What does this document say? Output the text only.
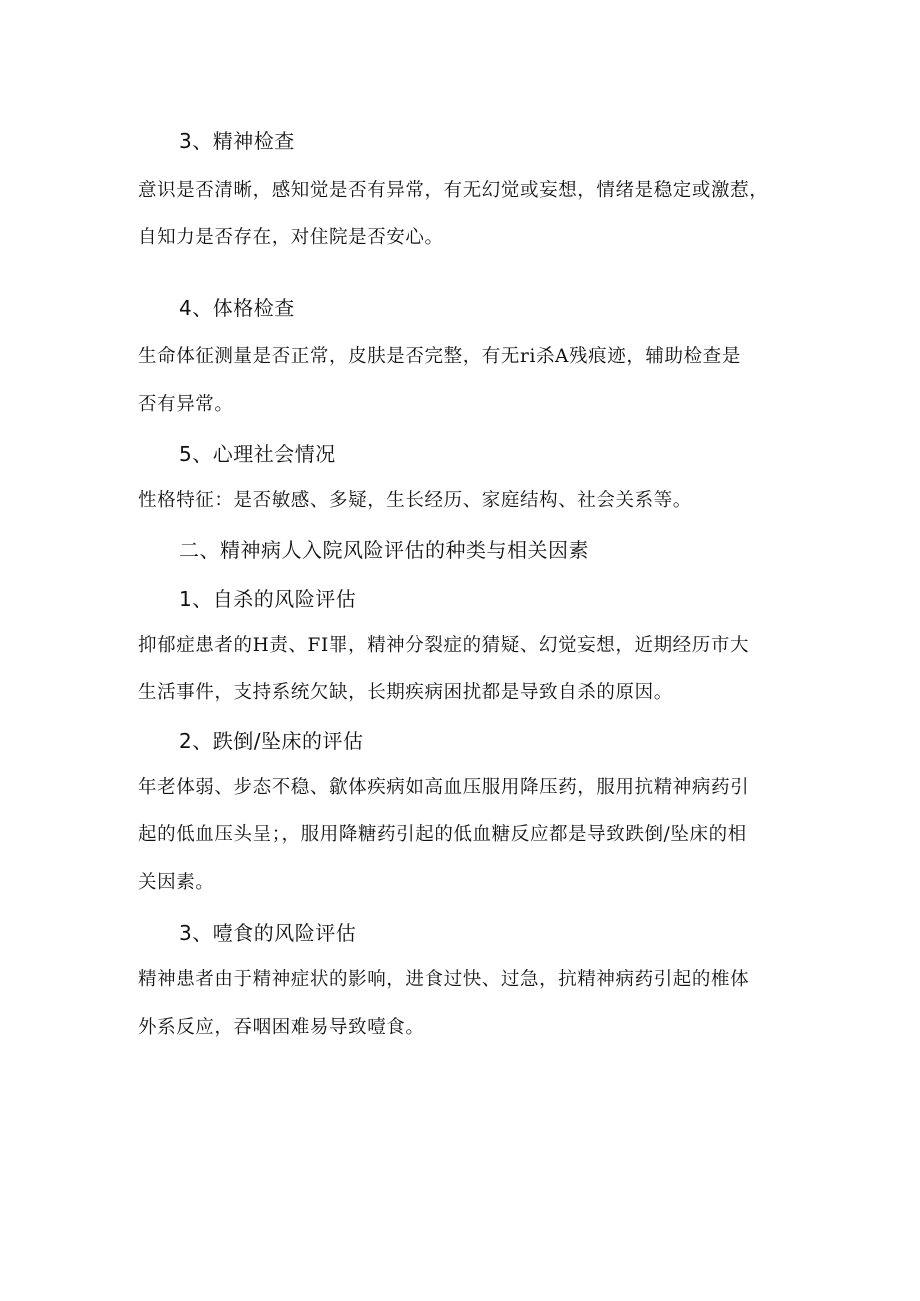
3、精神检查
意识是否清晰，感知觉是否有异常，有无幻觉或妄想，情绪是稳定或激惹，
自知力是否存在，对住院是否安心。
4、体格检查
生命体征测量是否正常，皮肤是否完整，有无ri杀A残痕迹，辅助检查是
否有异常。
5、心理社会情况
性格特征：是否敏感、多疑，生长经历、家庭结构、社会关系等。
二、精神病人入院风险评估的种类与相关因素
1、自杀的风险评估
抑郁症患者的H责、FI罪，精神分裂症的猜疑、幻觉妄想，近期经历市大
生活事件，支持系统欠缺，长期疾病困扰都是导致自杀的原因。
2、跌倒/坠床的评估
年老体弱、步态不稳、歙体疾病如高血压服用降压药，服用抗精神病药引
起的低血压头呈；，服用降糖药引起的低血糖反应都是导致跌倒/坠床的相
关因素。
3、噎食的风险评估
精神患者由于精神症状的影响，进食过快、过急，抗精神病药引起的椎体
外系反应，吞咽困难易导致噎食。
